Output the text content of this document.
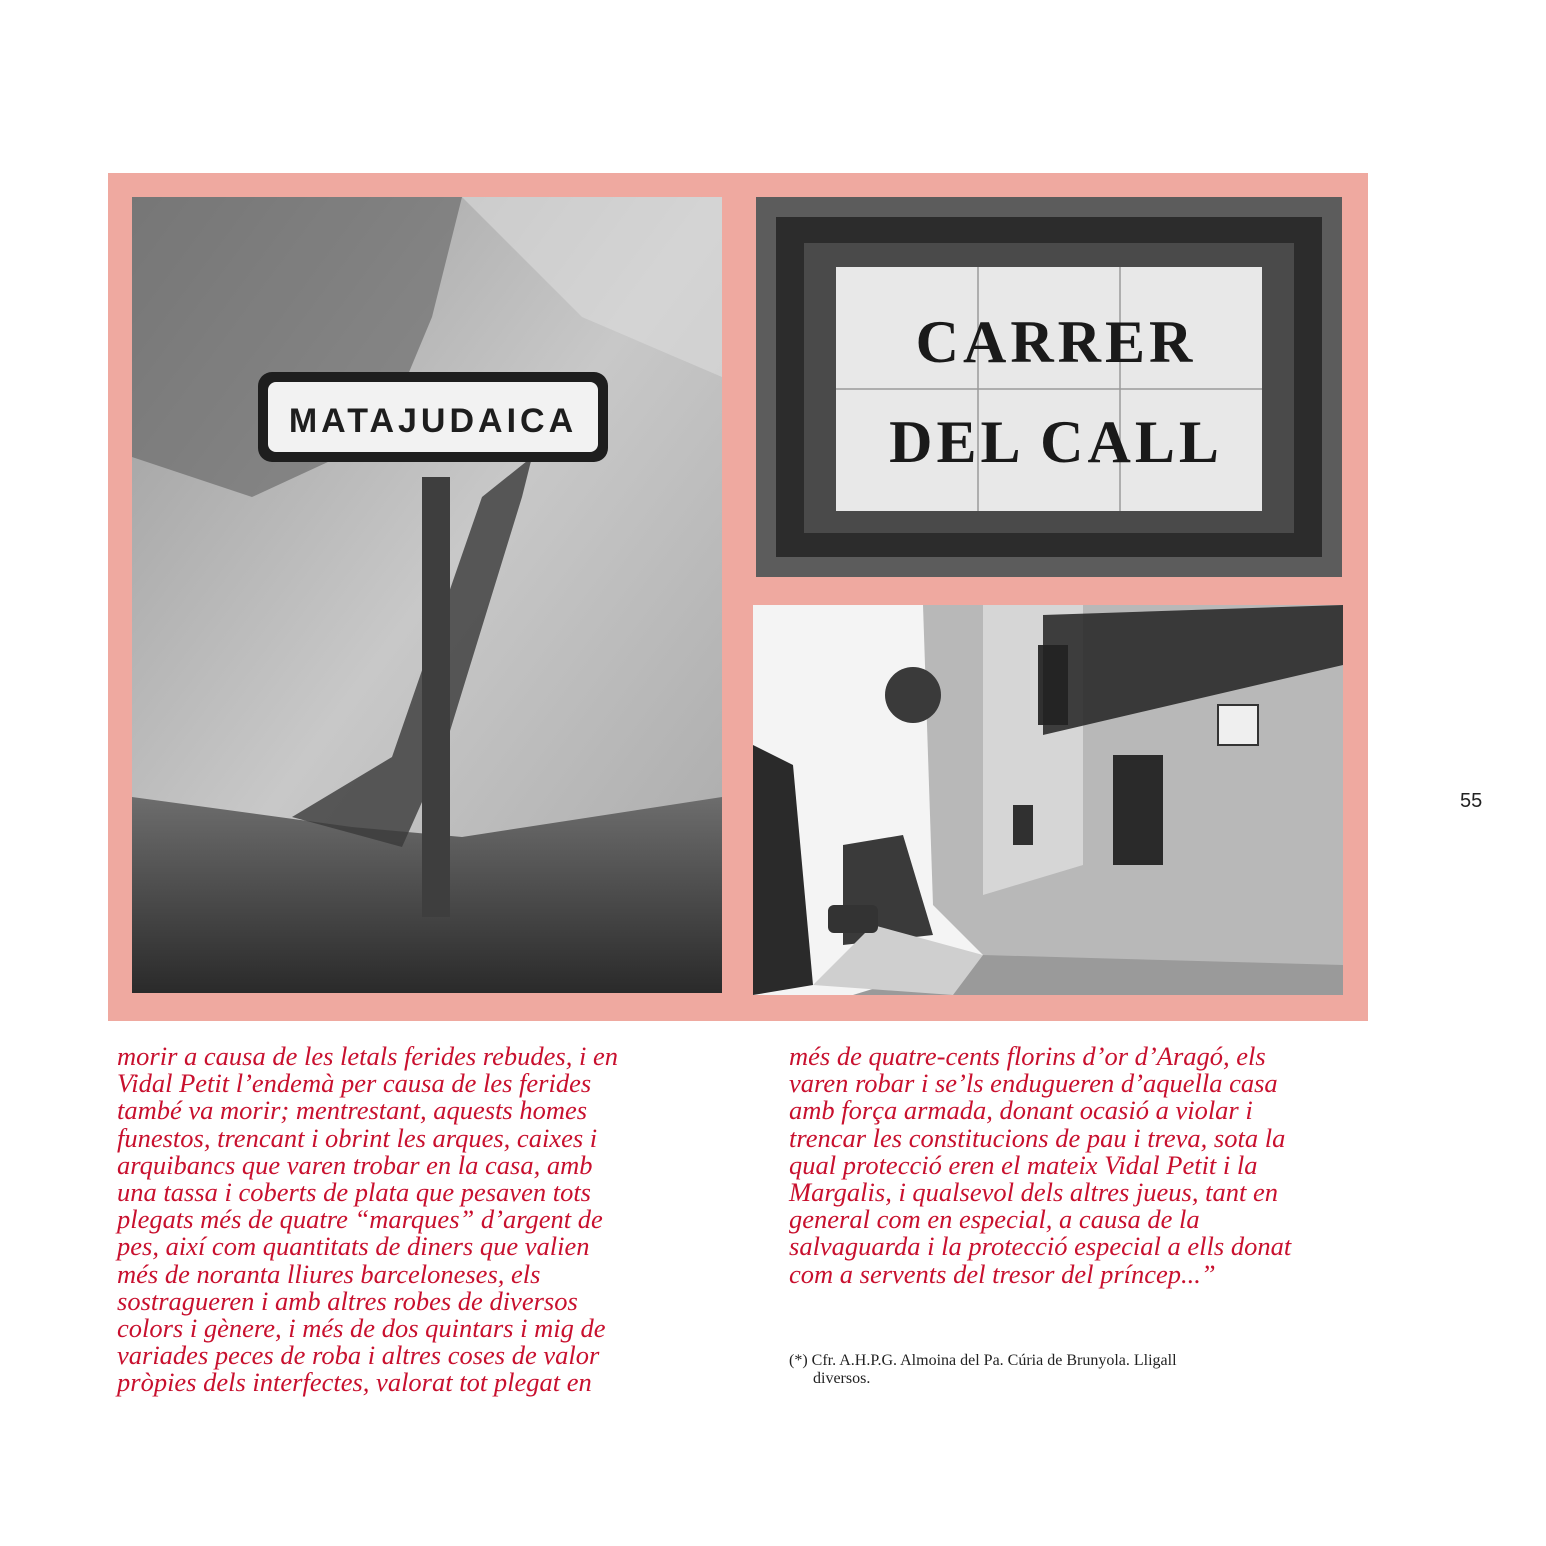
MATAJUDAICA
CARRER
DEL CALL
55
morir a causa de les letals ferides rebudes, i en
Vidal Petit l’endemà per causa de les ferides
també va morir; mentrestant, aquests homes
funestos, trencant i obrint les arques, caixes i
arquibancs que varen trobar en la casa, amb
una tassa i coberts de plata que pesaven tots
plegats més de quatre “marques” d’argent de
pes, així com quantitats de diners que valien
més de noranta lliures barceloneses, els
sostragueren i amb altres robes de diversos
colors i gènere, i més de dos quintars i mig de
variades peces de roba i altres coses de valor
pròpies dels interfectes, valorat tot plegat en
més de quatre-cents florins d’or d’Aragó, els
varen robar i se’ls endugueren d’aquella casa
amb força armada, donant ocasió a violar i
trencar les constitucions de pau i treva, sota la
qual protecció eren el mateix Vidal Petit i la
Margalis, i qualsevol dels altres jueus, tant en
general com en especial, a causa de la
salvaguarda i la protecció especial a ells donat
com a servents del tresor del príncep...”
(*) Cfr. A.H.P.G. Almoina del Pa. Cúria de Brunyola. Lligall
diversos.
